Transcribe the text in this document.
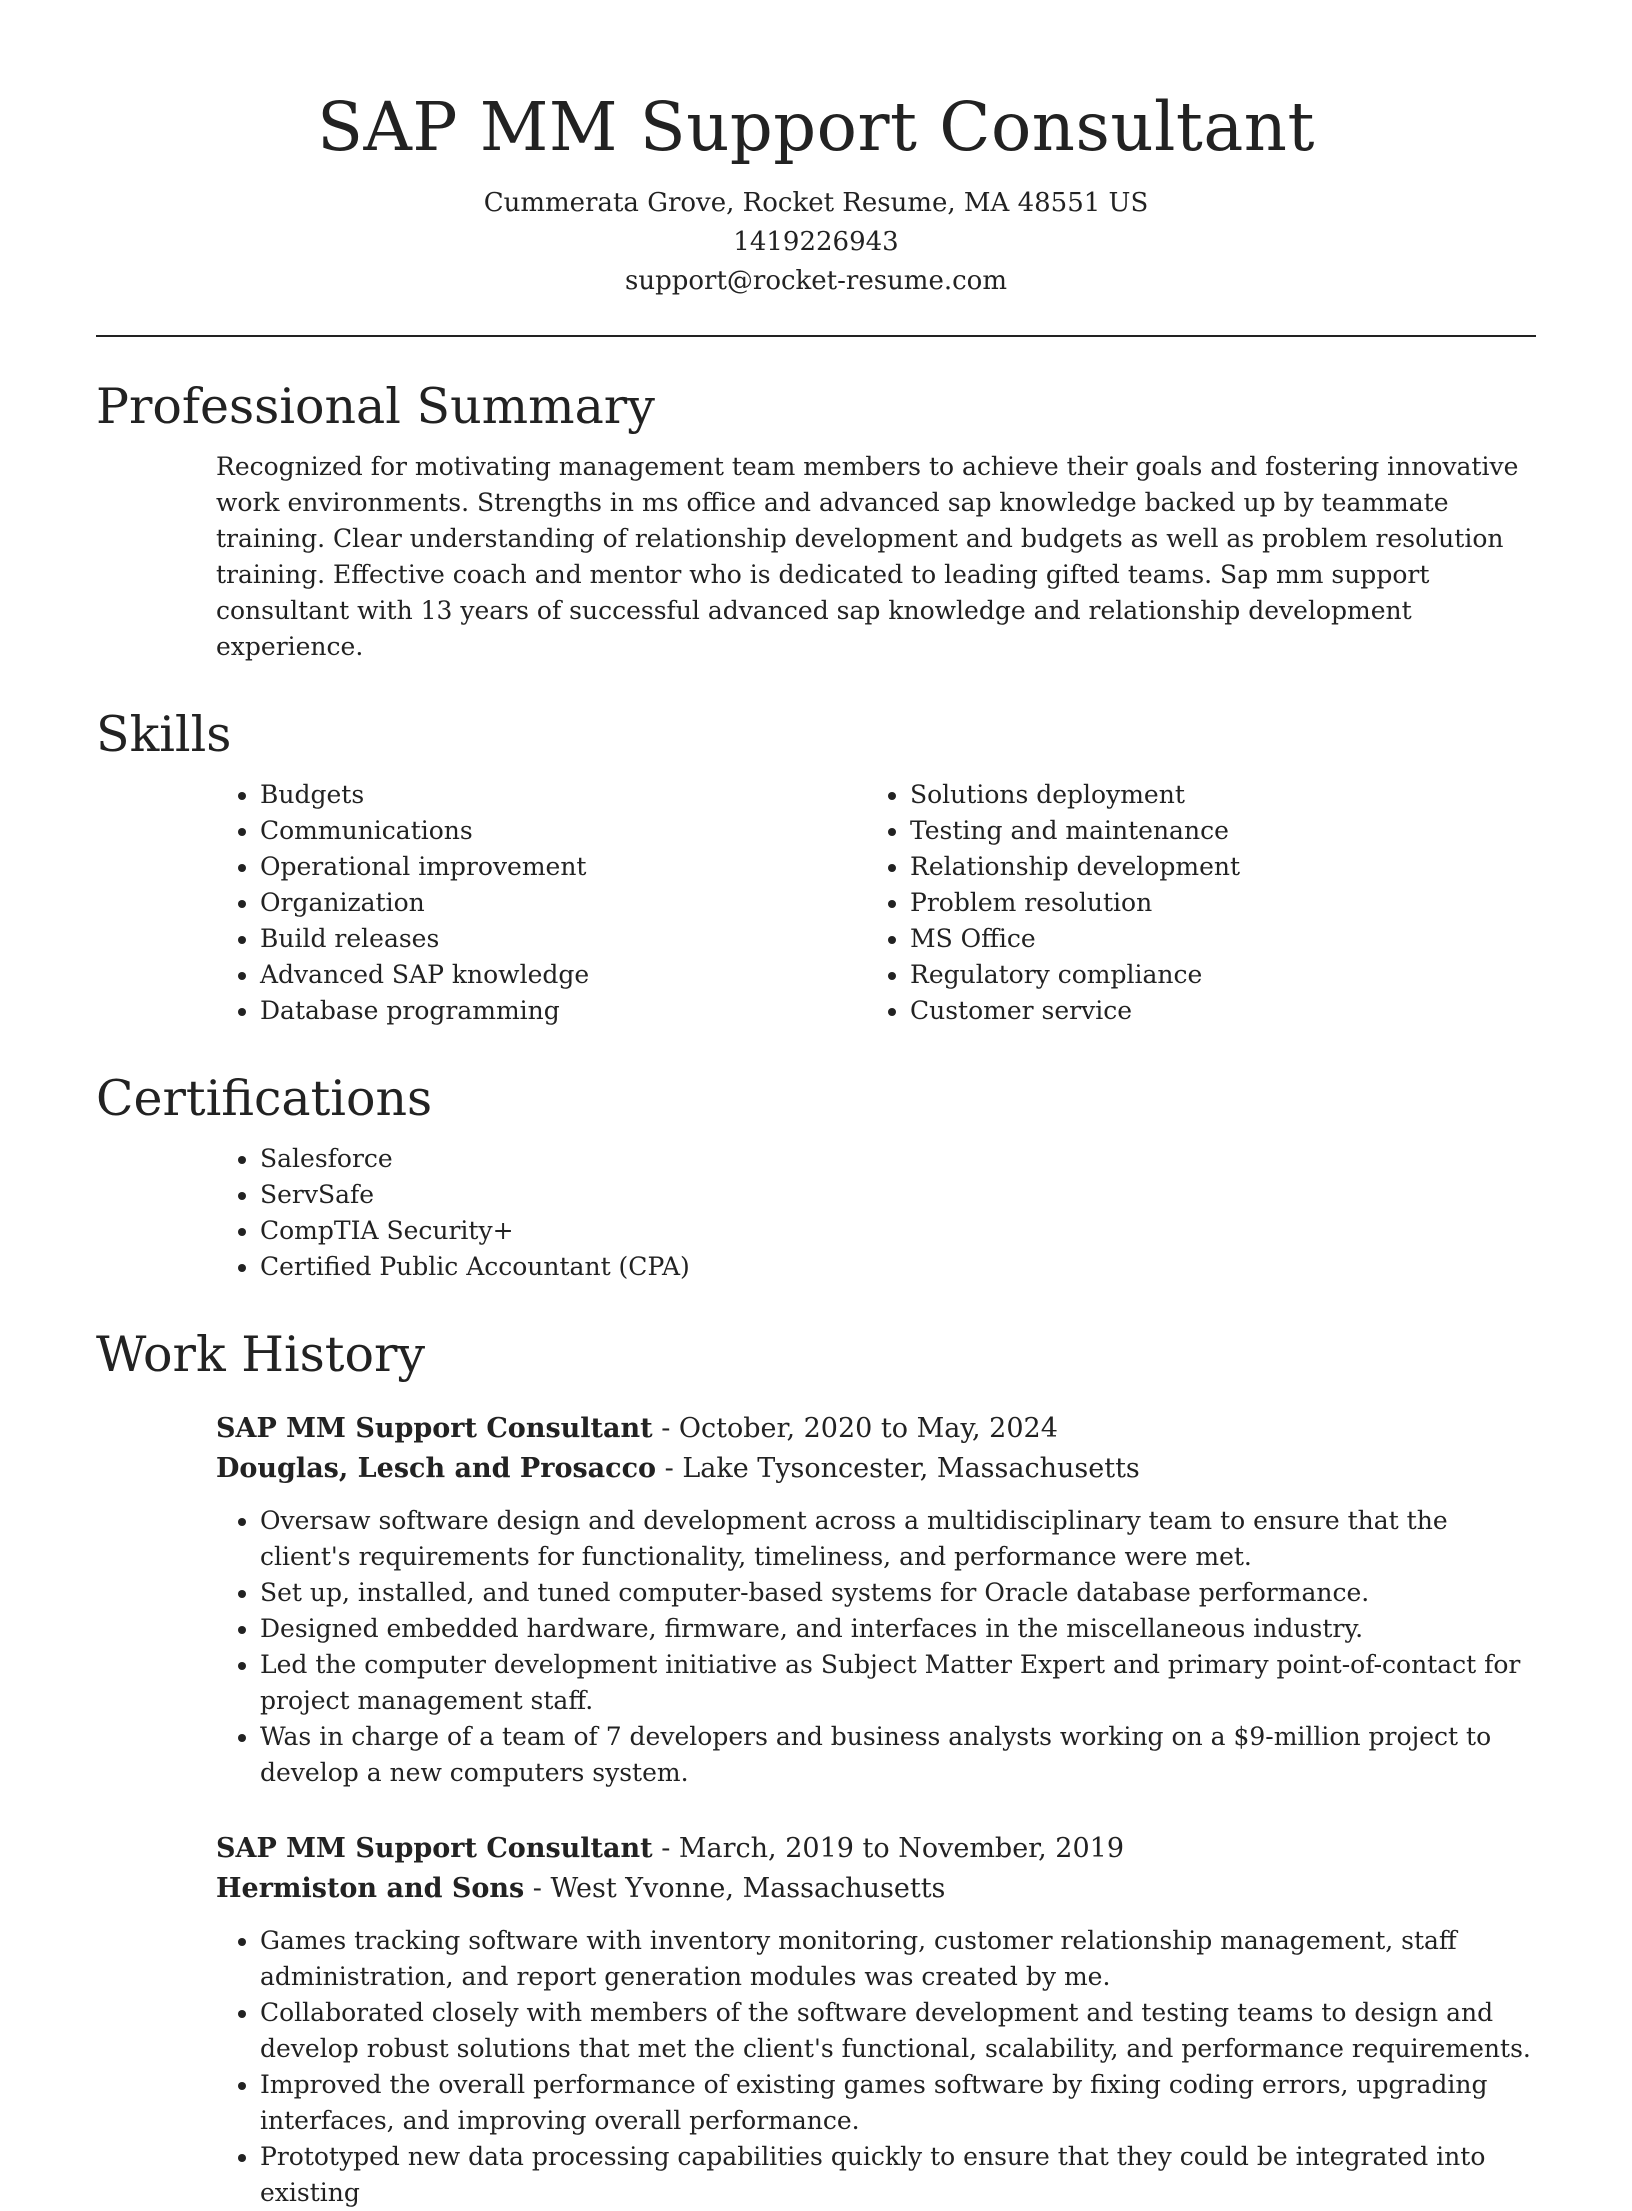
SAP MM Support Consultant
Cummerata Grove, Rocket Resume, MA 48551 US
1419226943
support@rocket-resume.com
Professional Summary

Recognized for motivating management team members to achieve their goals and fostering innovative work environments. Strengths in ms office and advanced sap knowledge backed up by teammate training. Clear understanding of relationship development and budgets as well as problem resolution training. Effective coach and mentor who is dedicated to leading gifted teams. Sap mm support consultant with 13 years of successful advanced sap knowledge and relationship development experience.

Skills
• Budgets
• Communications
• Operational improvement
• Organization
• Build releases
• Advanced SAP knowledge
• Database programming
• Solutions deployment
• Testing and maintenance
• Relationship development
• Problem resolution
• MS Office
• Regulatory compliance
• Customer service
Certifications
• Salesforce
• ServSafe
• CompTIA Security+
• Certified Public Accountant (CPA)
Work History
SAP MM Support Consultant - October, 2020 to May, 2024
Douglas, Lesch and Prosacco - Lake Tysoncester, Massachusetts
• Oversaw software design and development across a multidisciplinary team to ensure that the client's requirements for functionality, timeliness, and performance were met.
• Set up, installed, and tuned computer-based systems for Oracle database performance.
• Designed embedded hardware, firmware, and interfaces in the miscellaneous industry.
• Led the computer development initiative as Subject Matter Expert and primary point-of-contact for project management staff.
• Was in charge of a team of 7 developers and business analysts working on a $9-million project to develop a new computers system.
SAP MM Support Consultant - March, 2019 to November, 2019
Hermiston and Sons - West Yvonne, Massachusetts
• Games tracking software with inventory monitoring, customer relationship management, staff administration, and report generation modules was created by me.
• Collaborated closely with members of the software development and testing teams to design and develop robust solutions that met the client's functional, scalability, and performance requirements.
• Improved the overall performance of existing games software by fixing coding errors, upgrading interfaces, and improving overall performance.
• Prototyped new data processing capabilities quickly to ensure that they could be integrated into existing
